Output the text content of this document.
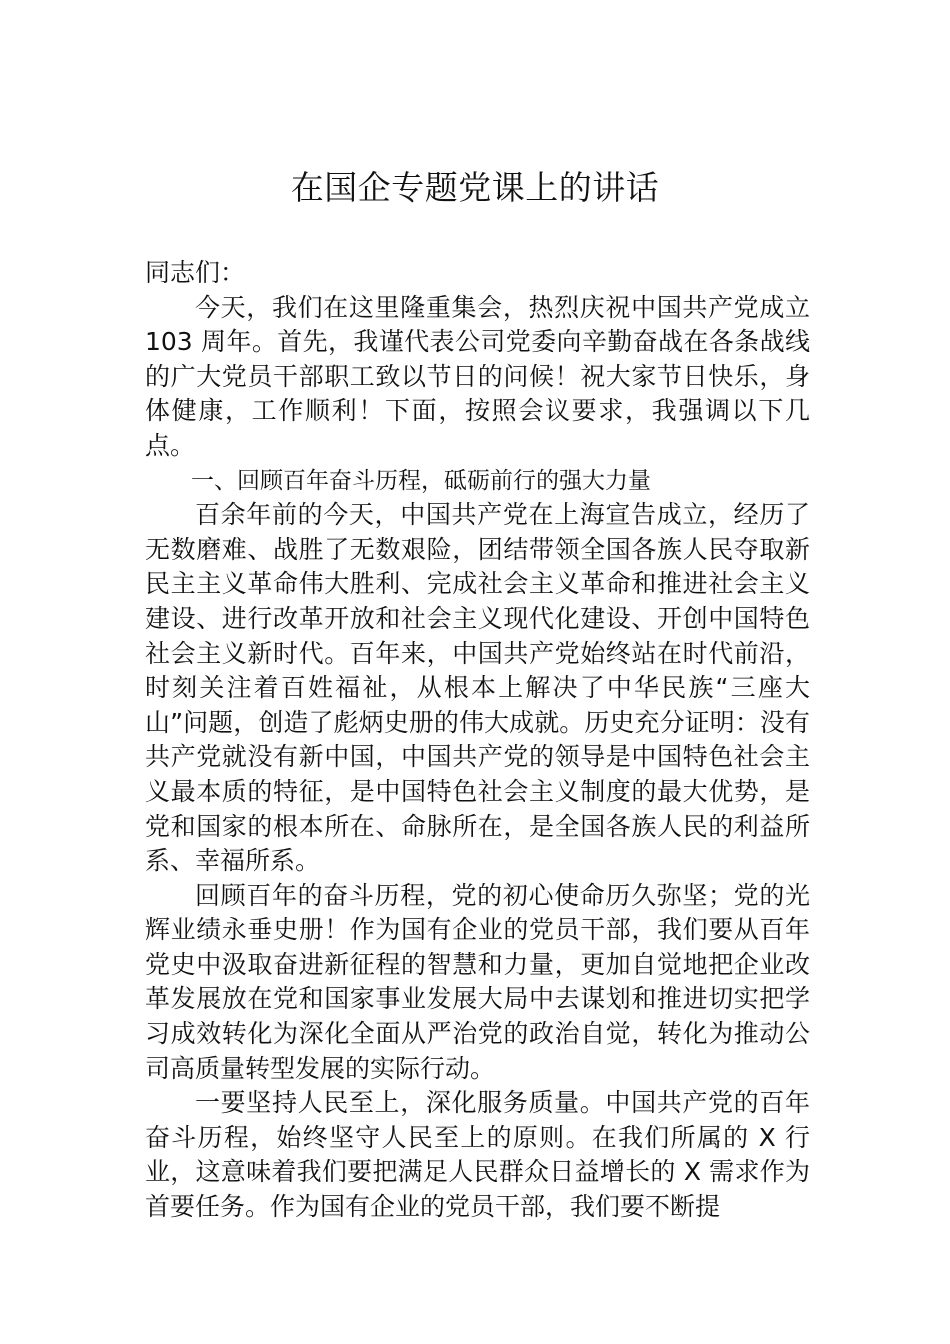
在国企专题党课上的讲话

同志们：

今天，我们在这里隆重集会，热烈庆祝中国共产党成立 103 周年。首先，我谨代表公司党委向辛勤奋战在各条战线的广大党员干部职工致以节日的问候！祝大家节日快乐，身体健康，工作顺利！下面，按照会议要求，我强调以下几点。

一、回顾百年奋斗历程，砥砺前行的强大力量

百余年前的今天，中国共产党在上海宣告成立，经历了无数磨难、战胜了无数艰险，团结带领全国各族人民夺取新民主主义革命伟大胜利、完成社会主义革命和推进社会主义建设、进行改革开放和社会主义现代化建设、开创中国特色社会主义新时代。百年来，中国共产党始终站在时代前沿，时刻关注着百姓福祉，从根本上解决了中华民族“三座大山”问题，创造了彪炳史册的伟大成就。历史充分证明：没有共产党就没有新中国，中国共产党的领导是中国特色社会主义最本质的特征，是中国特色社会主义制度的最大优势，是党和国家的根本所在、命脉所在，是全国各族人民的利益所系、幸福所系。

回顾百年的奋斗历程，党的初心使命历久弥坚；党的光辉业绩永垂史册！作为国有企业的党员干部，我们要从百年党史中汲取奋进新征程的智慧和力量，更加自觉地把企业改革发展放在党和国家事业发展大局中去谋划和推进切实把学习成效转化为深化全面从严治党的政治自觉，转化为推动公司高质量转型发展的实际行动。

一要坚持人民至上，深化服务质量。中国共产党的百年奋斗历程，始终坚守人民至上的原则。在我们所属的 X 行业，这意味着我们要把满足人民群众日益增长的 X 需求作为首要任务。作为国有企业的党员干部，我们要不断提
